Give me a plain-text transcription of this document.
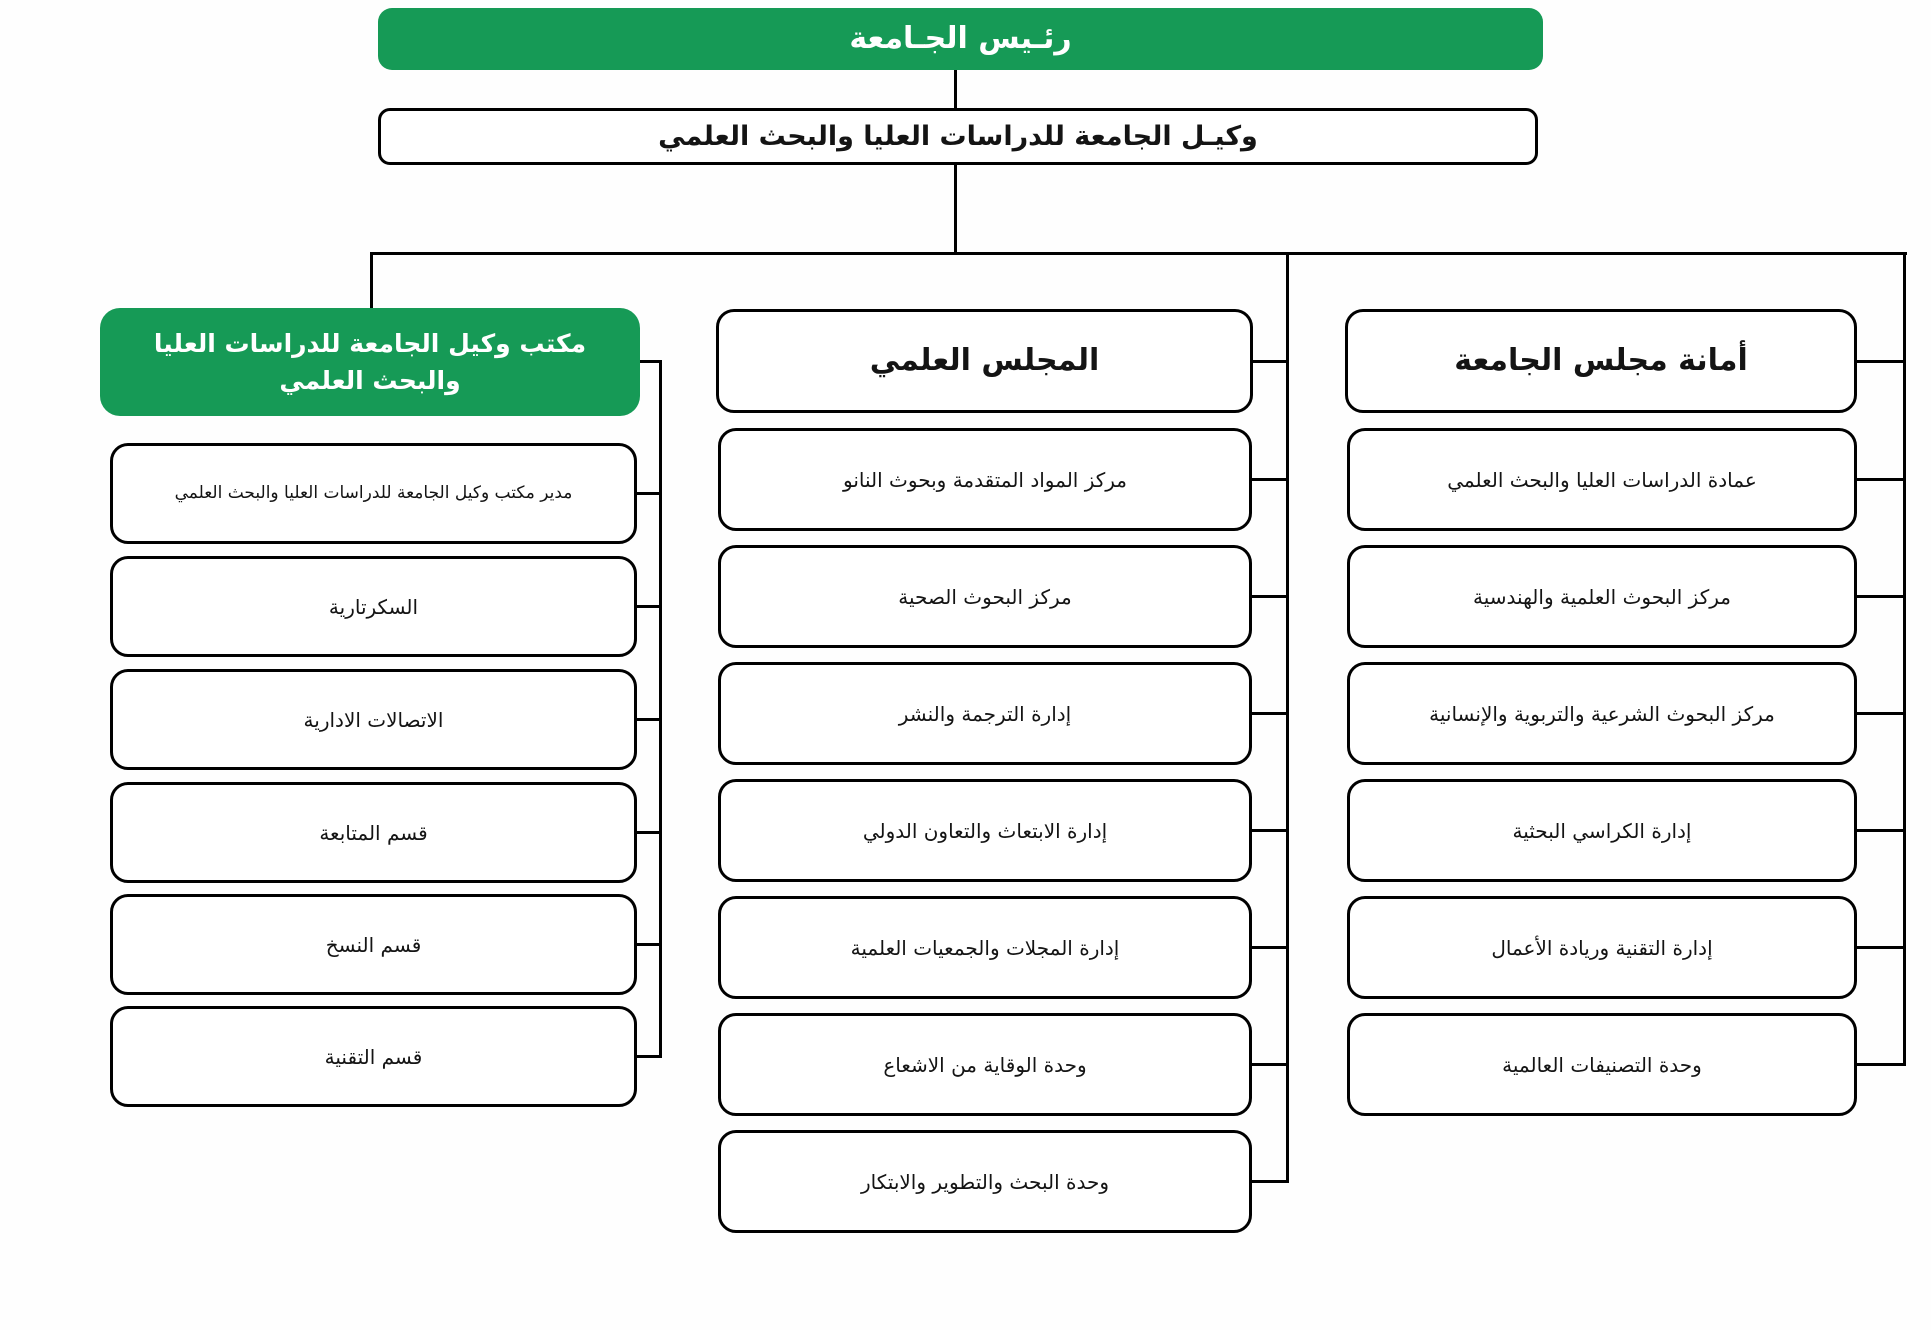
رئـيس الجـامعة
وكيـل الجامعة للدراسات العليا والبحث العلمي
مكتب وكيل الجامعة للدراسات العليا والبحث العلمي
مدير مكتب وكيل الجامعة للدراسات العليا والبحث العلمي
السكرتارية
الاتصالات الادارية
قسم المتابعة
قسم النسخ
قسم التقنية
المجلس العلمي
مركز المواد المتقدمة وبحوث النانو
مركز البحوث الصحية
إدارة الترجمة والنشر
إدارة الابتعاث والتعاون الدولي
إدارة المجلات والجمعيات العلمية
وحدة الوقاية من الاشعاع
وحدة البحث والتطوير والابتكار
أمانة مجلس الجامعة
عمادة الدراسات العليا والبحث العلمي
مركز البحوث العلمية والهندسية
مركز البحوث الشرعية والتربوية والإنسانية
إدارة الكراسي البحثية
إدارة التقنية وريادة الأعمال
وحدة التصنيفات العالمية
